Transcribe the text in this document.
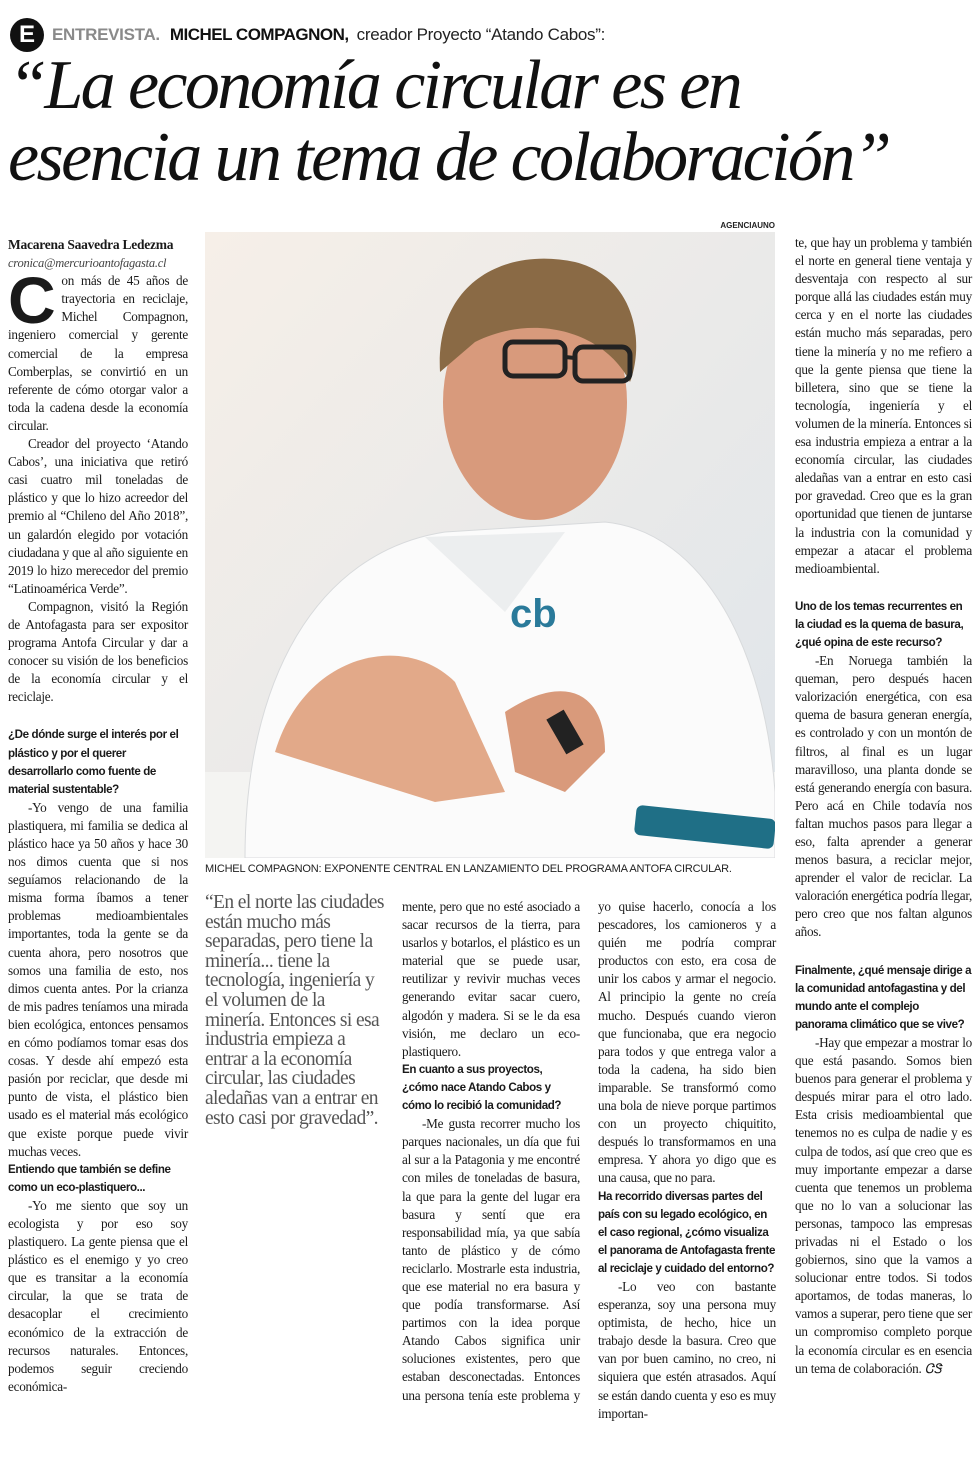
E	ENTREVISTA. MICHEL COMPAGNON, creador Proyecto “Atando Cabos”:
“La economía circular es en
esencia un tema de colaboración”

Macarena Saavedra Ledezma

cronica@mercurioantofagasta.cl

Con más de 45 años de trayectoria en reciclaje, Michel Compagnon, ingeniero comercial y gerente comercial de la empresa Comberplas, se convirtió en un referente de cómo otorgar valor a toda la cadena desde la economía circular.

Creador del proyecto ‘Atando Cabos’, una iniciativa que retiró casi cuatro mil toneladas de plástico y que lo hizo acreedor del premio al “Chileno del Año 2018”, un galardón elegido por votación ciudadana y que al año siguiente en 2019 lo hizo merecedor del premio “Latinoamérica Verde”.

Compagnon, visitó la Región de Antofagasta para ser expositor programa Antofa Circular y dar a conocer su visión de los beneficios de la economía circular y el reciclaje.

¿De dónde surge el interés por el plástico y por el querer desarrollarlo como fuente de material sustentable?

-Yo vengo de una familia plastiquera, mi familia se dedica al plástico hace ya 50 años y hace 30 nos dimos cuenta que si nos seguíamos relacionando de la misma forma íbamos a tener problemas medioambientales importantes, toda la gente se da cuenta ahora, pero nosotros que somos una familia de esto, nos dimos cuenta antes. Por la crianza de mis padres teníamos una mirada bien ecológica, entonces pensamos en cómo podíamos tomar esas dos cosas. Y desde ahí empezó esta pasión por reciclar, que desde mi punto de vista, el plástico bien usado es el material más ecológico que existe porque puede vivir muchas veces.

Entiendo que también se define como un eco-plastiquero...

-Yo me siento que soy un ecologista y por eso soy plastiquero. La gente piensa que el plástico es el enemigo y yo creo que es transitar a la economía circular, la que se trata de desacoplar el crecimiento económico de la extracción de recursos naturales. Entonces, podemos seguir creciendo económica-

AGENCIAUNO
cb
MICHEL COMPAGNON: EXPONENTE CENTRAL EN LANZAMIENTO DEL PROGRAMA ANTOFA CIRCULAR.

“En el norte las ciudades están mucho más separadas, pero tiene la minería... tiene la tecnología, ingeniería y el volumen de la minería. Entonces si esa industria empieza a entrar a la economía circular, las ciudades aledañas van a entrar en esto casi por gravedad”.

mente, pero que no esté asociado a sacar recursos de la tierra, para usarlos y botarlos, el plástico es un material que se puede usar, reutilizar y revivir muchas veces generando evitar sacar cuero, algodón y madera. Si se le da esa visión, me declaro un eco-plastiquero.

En cuanto a sus proyectos, ¿cómo nace Atando Cabos y cómo lo recibió la comunidad?

-Me gusta recorrer mucho los parques nacionales, un día que fui al sur a la Patagonia y me encontré con miles de toneladas de basura, la que para la gente del lugar era basura y sentí que era responsabilidad mía, ya que sabía tanto de plástico y de cómo reciclarlo. Mostrarle esta industria, que ese material no era basura y que podía transformarse. Así partimos con la idea porque Atando Cabos significa unir soluciones existentes, pero que estaban desconectadas. Entonces una persona tenía este problema y

yo quise hacerlo, conocía a los pescadores, los camioneros y a quién me podría comprar productos con esto, era cosa de unir los cabos y armar el negocio. Al principio la gente no creía mucho. Después cuando vieron que funcionaba, que era negocio para todos y que entrega valor a toda la cadena, ha sido bien imparable. Se transformó como una bola de nieve porque partimos con un proyecto chiquitito, después lo transformamos en una empresa. Y ahora yo digo que es una causa, que no para.

Ha recorrido diversas partes del país con su legado ecológico, en el caso regional, ¿cómo visualiza el panorama de Antofagasta frente al reciclaje y cuidado del entorno?

-Lo veo con bastante esperanza, soy una persona muy optimista, de hecho, hice un trabajo desde la basura. Creo que van por buen camino, no creo, ni siquiera que estén atrasados. Aquí se están dando cuenta y eso es muy importan-

te, que hay un problema y también el norte en general tiene ventaja y desventaja con respecto al sur porque allá las ciudades están muy cerca y en el norte las ciudades están mucho más separadas, pero tiene la minería y no me refiero a que la gente piensa que tiene la billetera, sino que se tiene la tecnología, ingeniería y el volumen de la minería. Entonces si esa industria empieza a entrar a la economía circular, las ciudades aledañas van a entrar en esto casi por gravedad. Creo que es la gran oportunidad que tienen de juntarse la industria con la comunidad y empezar a atacar el problema medioambiental.

Uno de los temas recurrentes en la ciudad es la quema de basura, ¿qué opina de este recurso?

-En Noruega también la queman, pero después hacen valorización energética, con esa quema de basura generan energía, es controlado y con un montón de filtros, al final es un lugar maravilloso, una planta donde se está generando energía con basura. Pero acá en Chile todavía nos faltan muchos pasos para llegar a eso, falta aprender a generar menos basura, a reciclar mejor, aprender el valor de reciclar. La valoración energética podría llegar, pero creo que nos faltan algunos años.

Finalmente, ¿qué mensaje dirige a la comunidad antofagastina y del mundo ante el complejo panorama climático que se vive?

-Hay que empezar a mostrar lo que está pasando. Somos bien buenos para generar el problema y después mirar para el otro lado. Esta crisis medioambiental que tenemos no es culpa de nadie y es culpa de todos, así que creo que es muy importante empezar a darse cuenta que tenemos un problema que no lo van a solucionar las personas, tampoco las empresas privadas ni el Estado o los gobiernos, sino que la vamos a solucionar entre todos. Si todos aportamos, de todas maneras, lo vamos a superar, pero tiene que ser un compromiso completo porque la economía circular es en esencia un tema de colaboración. ᏣᏕ
